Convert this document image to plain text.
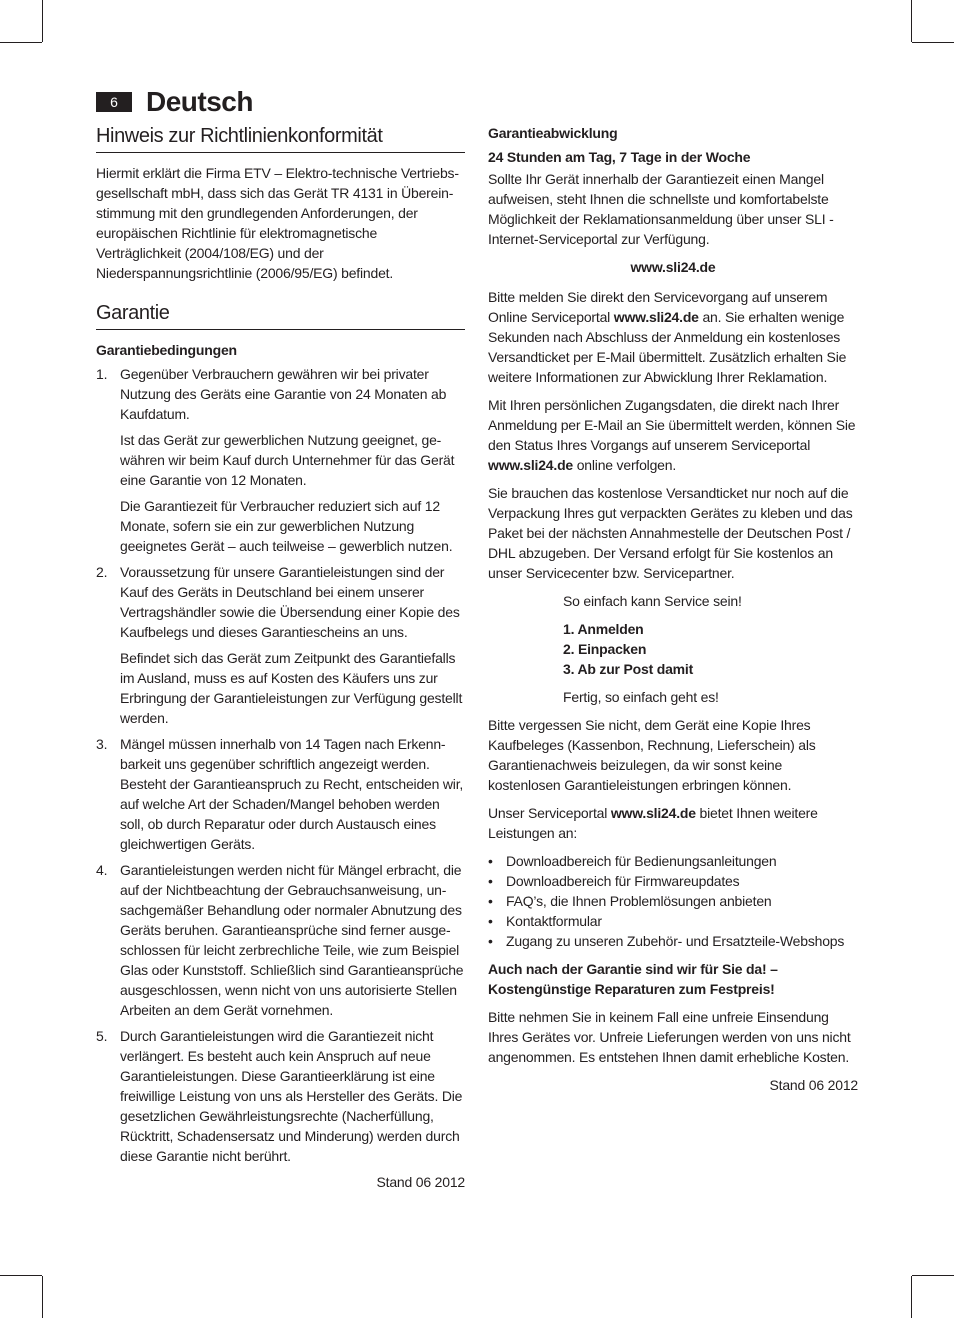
6	Deutsch
Hinweis zur Richtlinienkonformität

Hiermit erklärt die Firma ETV – Elektro-technische Vertriebsgesellschaft mbH, dass sich das Gerät TR 4131 in Übereinstimmung mit den grundlegenden Anforderungen, der europäischen Richtlinie für elektromagnetische Verträglichkeit (2004/108/EG) und der Niederspannungsrichtlinie (2006/95/EG) befindet.

Garantie
Garantiebedingungen
1. Gegenüber Verbrauchern gewähren wir bei privater Nutzung des Geräts eine Garantie von 24 Monaten ab Kaufdatum.

Ist das Gerät zur gewerblichen Nutzung geeignet, gewähren wir beim Kauf durch Unternehmer für das Gerät eine Garantie von 12 Monaten.

Die Garantiezeit für Verbraucher reduziert sich auf 12 Monate, sofern sie ein zur gewerblichen Nutzung geeignetes Gerät – auch teilweise – gewerblich nutzen.

2. Voraussetzung für unsere Garantieleistungen sind der Kauf des Geräts in Deutschland bei einem unserer Vertragshändler sowie die Übersendung einer Kopie des Kaufbelegs und dieses Garantiescheins an uns.

Befindet sich das Gerät zum Zeitpunkt des Garantiefalls im Ausland, muss es auf Kosten des Käufers uns zur Erbringung der Garantieleistungen zur Verfügung gestellt werden.

3. Mängel müssen innerhalb von 14 Tagen nach Erkennbarkeit uns gegenüber schriftlich angezeigt werden. Besteht der Garantieanspruch zu Recht, entscheiden wir, auf welche Art der Schaden/Mangel behoben werden soll, ob durch Reparatur oder durch Austausch eines gleichwertigen Geräts.

4. Garantieleistungen werden nicht für Mängel erbracht, die auf der Nichtbeachtung der Gebrauchsanweisung, unsachgemäßer Behandlung oder normaler Abnutzung des Geräts beruhen. Garantieansprüche sind ferner ausgeschlossen für leicht zerbrechliche Teile, wie zum Beispiel Glas oder Kunststoff. Schließlich sind Garantieansprüche ausgeschlossen, wenn nicht von uns autorisierte Stellen Arbeiten an dem Gerät vornehmen.

5. Durch Garantieleistungen wird die Garantiezeit nicht verlängert. Es besteht auch kein Anspruch auf neue Garantieleistungen. Diese Garantieerklärung ist eine freiwillige Leistung von uns als Hersteller des Geräts. Die gesetzlichen Gewährleistungsrechte (Nacherfüllung, Rücktritt, Schadensersatz und Minderung) werden durch diese Garantie nicht berührt.

Stand 06 2012
Garantieabwicklung
24 Stunden am Tag, 7 Tage in der Woche

Sollte Ihr Gerät innerhalb der Garantiezeit einen Mangel aufweisen, steht Ihnen die schnellste und komfortabelste Möglichkeit der Reklamationsanmeldung über unser SLI - Internet-Serviceportal zur Verfügung.

www.sli24.de

Bitte melden Sie direkt den Servicevorgang auf unserem Online Serviceportal www.sli24.de an. Sie erhalten wenige Sekunden nach Abschluss der Anmeldung ein kostenloses Versandticket per E-Mail übermittelt. Zusätzlich erhalten Sie weitere Informationen zur Abwicklung Ihrer Reklamation.

Mit Ihren persönlichen Zugangsdaten, die direkt nach Ihrer Anmeldung per E-Mail an Sie übermittelt werden, können Sie den Status Ihres Vorgangs auf unserem Serviceportal www.sli24.de online verfolgen.

Sie brauchen das kostenlose Versandticket nur noch auf die Verpackung Ihres gut verpackten Gerätes zu kleben und das Paket bei der nächsten Annahmestelle der Deutschen Post / DHL abzugeben. Der Versand erfolgt für Sie kostenlos an unser Servicecenter bzw. Servicepartner.

So einfach kann Service sein!

1. Anmelden
2. Einpacken
3. Ab zur Post damit

Fertig, so einfach geht es!

Bitte vergessen Sie nicht, dem Gerät eine Kopie Ihres Kaufbeleges (Kassenbon, Rechnung, Lieferschein) als Garantienachweis beizulegen, da wir sonst keine kostenlosen Garantieleistungen erbringen können.

Unser Serviceportal www.sli24.de bietet Ihnen weitere Leistungen an:

• Downloadbereich für Bedienungsanleitungen
• Downloadbereich für Firmwareupdates
• FAQ’s, die Ihnen Problemlösungen anbieten
• Kontaktformular
• Zugang zu unseren Zubehör- und Ersatzteile-Webshops

Auch nach der Garantie sind wir für Sie da! – Kostengünstige Reparaturen zum Festpreis!

Bitte nehmen Sie in keinem Fall eine unfreie Einsendung Ihres Gerätes vor. Unfreie Lieferungen werden von uns nicht angenommen. Es entstehen Ihnen damit erhebliche Kosten.

Stand 06 2012
